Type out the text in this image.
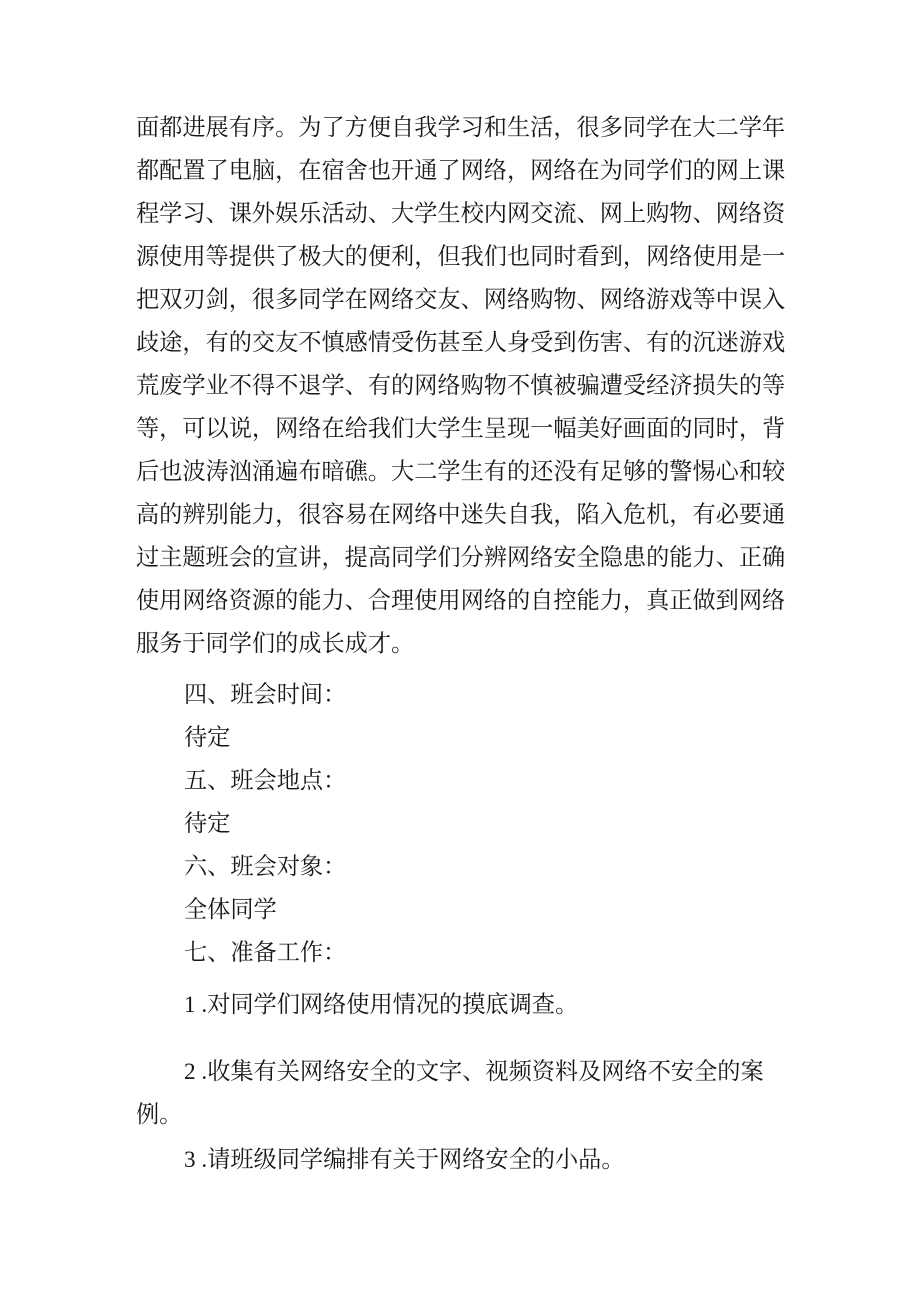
面都进展有序。为了方便自我学习和生活，很多同学在大二学年
都配置了电脑，在宿舍也开通了网络，网络在为同学们的网上课
程学习、课外娱乐活动、大学生校内网交流、网上购物、网络资
源使用等提供了极大的便利，但我们也同时看到，网络使用是一
把双刃剑，很多同学在网络交友、网络购物、网络游戏等中误入
歧途，有的交友不慎感情受伤甚至人身受到伤害、有的沉迷游戏
荒废学业不得不退学、有的网络购物不慎被骗遭受经济损失的等
等，可以说，网络在给我们大学生呈现一幅美好画面的同时，背
后也波涛汹涌遍布暗礁。大二学生有的还没有足够的警惕心和较
高的辨别能力，很容易在网络中迷失自我，陷入危机，有必要通
过主题班会的宣讲，提高同学们分辨网络安全隐患的能力、正确
使用网络资源的能力、合理使用网络的自控能力，真正做到网络
服务于同学们的成长成才。
四、班会时间：
待定
五、班会地点：
待定
六、班会对象：
全体同学
七、准备工作：
1 .对同学们网络使用情况的摸底调查。
2 .收集有关网络安全的文字、视频资料及网络不安全的案
例。
3 .请班级同学编排有关于网络安全的小品。
